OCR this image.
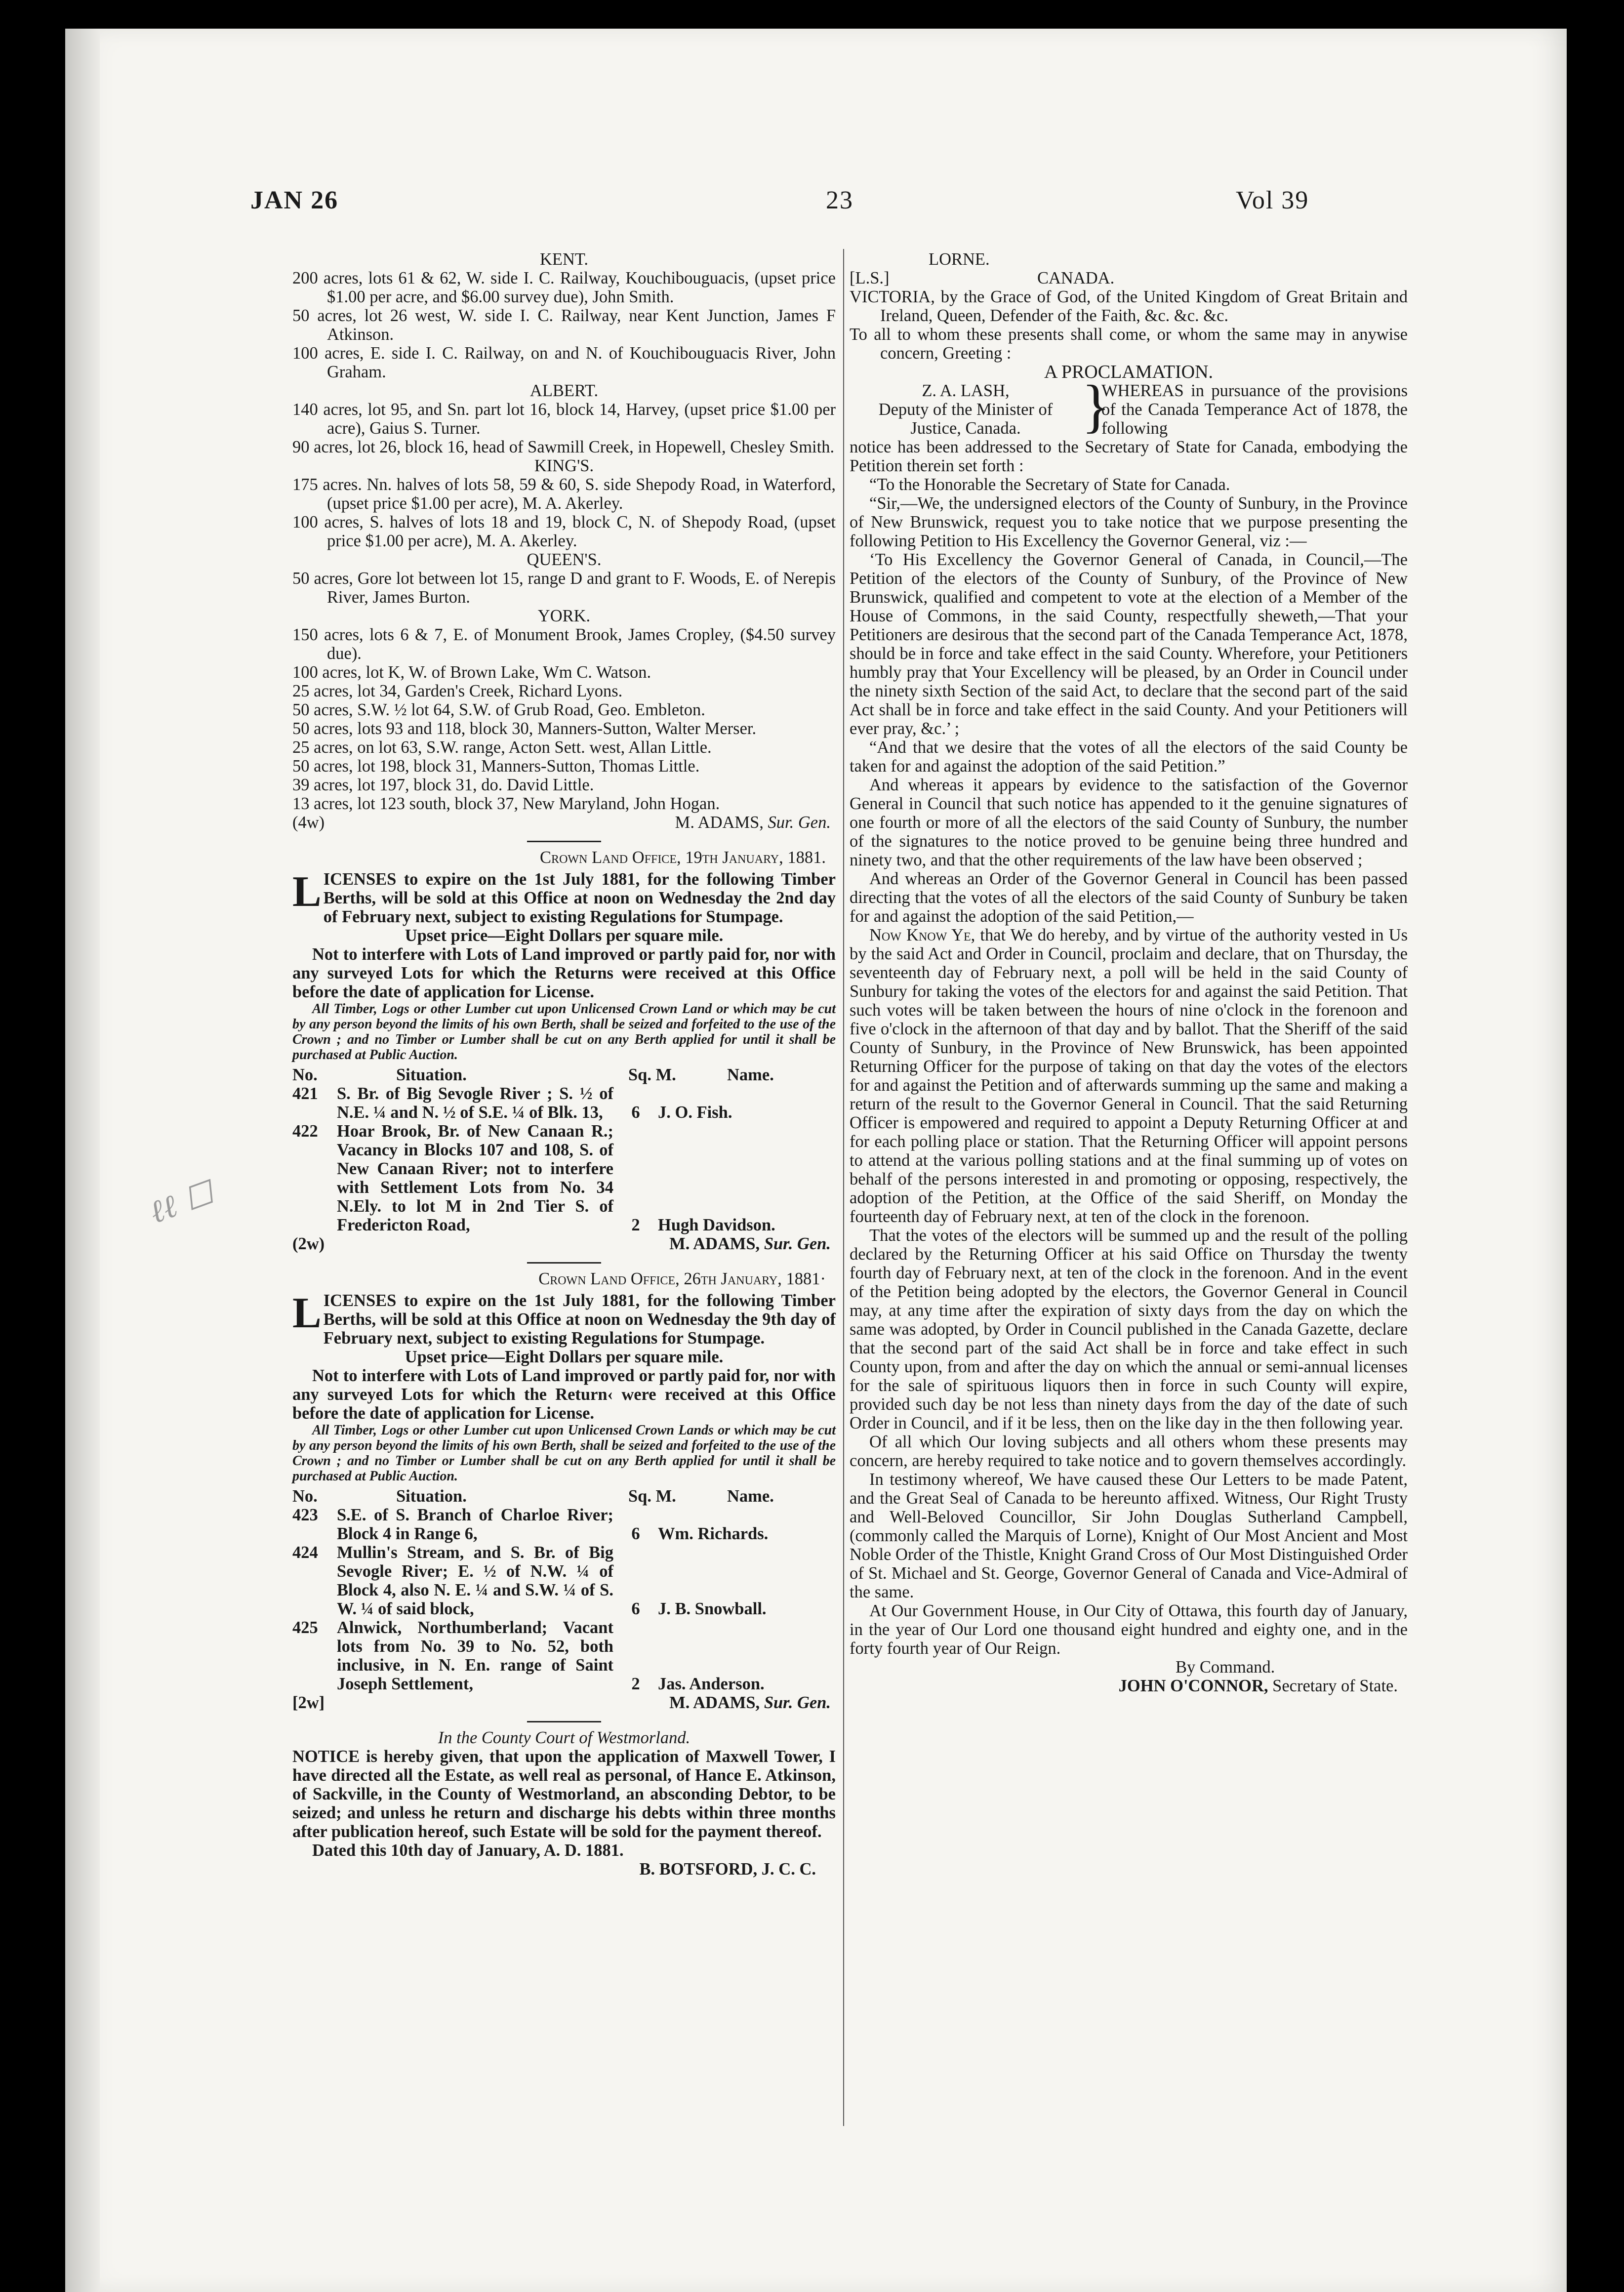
JAN 26	23	Vol 39
KENT.
200 acres, lots 61 & 62, W. side I. C. Railway, Kouchibouguacis, (upset price $1.00 per acre, and $6.00 survey due), John Smith.
50 acres, lot 26 west, W. side I. C. Railway, near Kent Junction, James F Atkinson.
100 acres, E. side I. C. Railway, on and N. of Kouchibouguacis River, John Graham.
ALBERT.
140 acres, lot 95, and Sn. part lot 16, block 14, Harvey, (upset price $1.00 per acre), Gaius S. Turner.
90 acres, lot 26, block 16, head of Sawmill Creek, in Hopewell, Chesley Smith.
KING'S.
175 acres. Nn. halves of lots 58, 59 & 60, S. side Shepody Road, in Waterford, (upset price $1.00 per acre), M. A. Akerley.
100 acres, S. halves of lots 18 and 19, block C, N. of Shepody Road, (upset price $1.00 per acre), M. A. Akerley.
QUEEN'S.
50 acres, Gore lot between lot 15, range D and grant to F. Woods, E. of Nerepis River, James Burton.
YORK.
150 acres, lots 6 & 7, E. of Monument Brook, James Cropley, ($4.50 survey due).
100 acres, lot K, W. of Brown Lake, Wm C. Watson.
25 acres, lot 34, Garden's Creek, Richard Lyons.
50 acres, S.W. ½ lot 64, S.W. of Grub Road, Geo. Embleton.
50 acres, lots 93 and 118, block 30, Manners-Sutton, Walter Merser.
25 acres, on lot 63, S.W. range, Acton Sett. west, Allan Little.
50 acres, lot 198, block 31, Manners-Sutton, Thomas Little.
39 acres, lot 197, block 31, do. David Little.
13 acres, lot 123 south, block 37, New Maryland, John Hogan.
(4w)	M. ADAMS, Sur. Gen.
Crown Land Office, 19th January, 1881.
LICENSES to expire on the 1st July 1881, for the following Timber Berths, will be sold at this Office at noon on Wednesday the 2nd day of February next, subject to existing Regulations for Stumpage.
Upset price—Eight Dollars per square mile.
Not to interfere with Lots of Land improved or partly paid for, nor with any surveyed Lots for which the Returns were received at this Office before the date of application for License.
All Timber, Logs or other Lumber cut upon Unlicensed Crown Land or which may be cut by any person beyond the limits of his own Berth, shall be seized and forfeited to the use of the Crown ; and no Timber or Lumber shall be cut on any Berth applied for until it shall be purchased at Public Auction.
No.	Situation.	Sq. M.	Name.
421	S. Br. of Big Sevogle River ; S. ½ of N.E. ¼ and N. ½ of S.E. ¼ of Blk. 13,	6	J. O. Fish.
422	Hoar Brook, Br. of New Canaan R.; Vacancy in Blocks 107 and 108, S. of New Canaan River; not to interfere with Settlement Lots from No. 34 N.Ely. to lot M in 2nd Tier S. of Fredericton Road,	2	Hugh Davidson.
(2w)	M. ADAMS, Sur. Gen.
Crown Land Office, 26th January, 1881·
LICENSES to expire on the 1st July 1881, for the following Timber Berths, will be sold at this Office at noon on Wednesday the 9th day of February next, subject to existing Regulations for Stumpage.
Upset price—Eight Dollars per square mile.
Not to interfere with Lots of Land improved or partly paid for, nor with any surveyed Lots for which the Return‹ were received at this Office before the date of application for License.
All Timber, Logs or other Lumber cut upon Unlicensed Crown Lands or which may be cut by any person beyond the limits of his own Berth, shall be seized and forfeited to the use of the Crown ; and no Timber or Lumber shall be cut on any Berth applied for until it shall be purchased at Public Auction.
No.	Situation.	Sq. M.	Name.
423	S.E. of S. Branch of Charloe River; Block 4 in Range 6,	6	Wm. Richards.
424	Mullin's Stream, and S. Br. of Big Sevogle River; E. ½ of N.W. ¼ of Block 4, also N. E. ¼ and S.W. ¼ of S. W. ¼ of said block,	6	J. B. Snowball.
425	Alnwick, Northumberland; Vacant lots from No. 39 to No. 52, both inclusive, in N. En. range of Saint Joseph Settlement,	2	Jas. Anderson.
[2w]	M. ADAMS, Sur. Gen.
In the County Court of Westmorland.
NOTICE is hereby given, that upon the application of Maxwell Tower, I have directed all the Estate, as well real as personal, of Hance E. Atkinson, of Sackville, in the County of Westmorland, an absconding Debtor, to be seized; and unless he return and discharge his debts within three months after publication hereof, such Estate will be sold for the payment thereof.
Dated this 10th day of January, A. D. 1881.
B. BOTSFORD, J. C. C.
LORNE.
[L.S.]	CANADA.
VICTORIA, by the Grace of God, of the United Kingdom of Great Britain and Ireland, Queen, Defender of the Faith, &c. &c. &c.
To all to whom these presents shall come, or whom the same may in anywise concern, Greeting :
A PROCLAMATION.
Z. A. LASH,
Deputy of the Minister of
Justice, Canada.	}
WHEREAS in pursuance of the provisions of the Canada Temperance Act of 1878, the following
notice has been addressed to the Secretary of State for Canada, embodying the Petition therein set forth :
“To the Honorable the Secretary of State for Canada.
“Sir,—We, the undersigned electors of the County of Sunbury, in the Province of New Brunswick, request you to take notice that we purpose presenting the following Petition to His Excellency the Governor General, viz :—
‘To His Excellency the Governor General of Canada, in Council,—The Petition of the electors of the County of Sunbury, of the Province of New Brunswick, qualified and competent to vote at the election of a Member of the House of Commons, in the said County, respectfully sheweth,—That your Petitioners are desirous that the second part of the Canada Temperance Act, 1878, should be in force and take effect in the said County. Wherefore, your Petitioners humbly pray that Your Excellency will be pleased, by an Order in Council under the ninety sixth Section of the said Act, to declare that the second part of the said Act shall be in force and take effect in the said County. And your Petitioners will ever pray, &c.’ ;
“And that we desire that the votes of all the electors of the said County be taken for and against the adoption of the said Petition.”
And whereas it appears by evidence to the satisfaction of the Governor General in Council that such notice has appended to it the genuine signatures of one fourth or more of all the electors of the said County of Sunbury, the number of the signatures to the notice proved to be genuine being three hundred and ninety two, and that the other requirements of the law have been observed ;
And whereas an Order of the Governor General in Council has been passed directing that the votes of all the electors of the said County of Sunbury be taken for and against the adoption of the said Petition,—
Now Know Ye, that We do hereby, and by virtue of the authority vested in Us by the said Act and Order in Council, proclaim and declare, that on Thursday, the seventeenth day of February next, a poll will be held in the said County of Sunbury for taking the votes of the electors for and against the said Petition. That such votes will be taken between the hours of nine o'clock in the forenoon and five o'clock in the afternoon of that day and by ballot. That the Sheriff of the said County of Sunbury, in the Province of New Brunswick, has been appointed Returning Officer for the purpose of taking on that day the votes of the electors for and against the Petition and of afterwards summing up the same and making a return of the result to the Governor General in Council. That the said Returning Officer is empowered and required to appoint a Deputy Returning Officer at and for each polling place or station. That the Returning Officer will appoint persons to attend at the various polling stations and at the final summing up of votes on behalf of the persons interested in and promoting or opposing, respectively, the adoption of the Petition, at the Office of the said Sheriff, on Monday the fourteenth day of February next, at ten of the clock in the forenoon.
That the votes of the electors will be summed up and the result of the polling declared by the Returning Officer at his said Office on Thursday the twenty fourth day of February next, at ten of the clock in the forenoon. And in the event of the Petition being adopted by the electors, the Governor General in Council may, at any time after the expiration of sixty days from the day on which the same was adopted, by Order in Council published in the Canada Gazette, declare that the second part of the said Act shall be in force and take effect in such County upon, from and after the day on which the annual or semi-annual licenses for the sale of spirituous liquors then in force in such County will expire, provided such day be not less than ninety days from the day of the date of such Order in Council, and if it be less, then on the like day in the then following year.
Of all which Our loving subjects and all others whom these presents may concern, are hereby required to take notice and to govern themselves accordingly.
In testimony whereof, We have caused these Our Letters to be made Patent, and the Great Seal of Canada to be hereunto affixed. Witness, Our Right Trusty and Well-Beloved Councillor, Sir John Douglas Sutherland Campbell, (commonly called the Marquis of Lorne), Knight of Our Most Ancient and Most Noble Order of the Thistle, Knight Grand Cross of Our Most Distinguished Order of St. Michael and St. George, Governor General of Canada and Vice-Admiral of the same.
At Our Government House, in Our City of Ottawa, this fourth day of January, in the year of Our Lord one thousand eight hundred and eighty one, and in the forty fourth year of Our Reign.
By Command.
JOHN O'CONNOR, Secretary of State.
ℓℓ ☐
